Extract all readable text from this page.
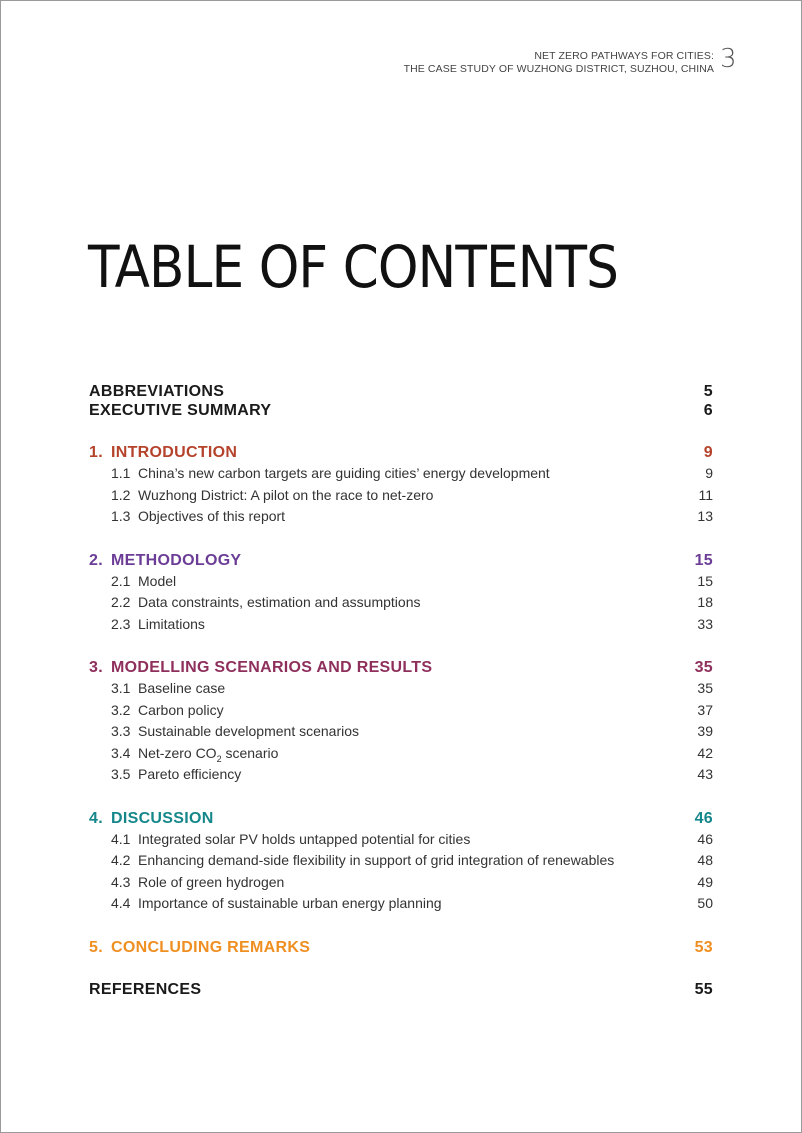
NET ZERO PATHWAYS FOR CITIES:
THE CASE STUDY OF WUZHONG DISTRICT, SUZHOU, CHINA 3
TABLE OF CONTENTS
ABBREVIATIONS	5
EXECUTIVE SUMMARY	6
1. INTRODUCTION	9
1.1 China’s new carbon targets are guiding cities’ energy development	9
1.2 Wuzhong District: A pilot on the race to net-zero	11
1.3 Objectives of this report	13
2. METHODOLOGY	15
2.1 Model	15
2.2 Data constraints, estimation and assumptions	18
2.3 Limitations	33
3. MODELLING SCENARIOS AND RESULTS	35
3.1 Baseline case	35
3.2 Carbon policy	37
3.3 Sustainable development scenarios	39
3.4 Net-zero $CO_2$ scenario	42
3.5 Pareto efficiency	43
4. DISCUSSION	46
4.1 Integrated solar PV holds untapped potential for cities	46
4.2 Enhancing demand-side flexibility in support of grid integration of renewables	48
4.3 Role of green hydrogen	49
4.4 Importance of sustainable urban energy planning	50
5. CONCLUDING REMARKS	53
REFERENCES	55
